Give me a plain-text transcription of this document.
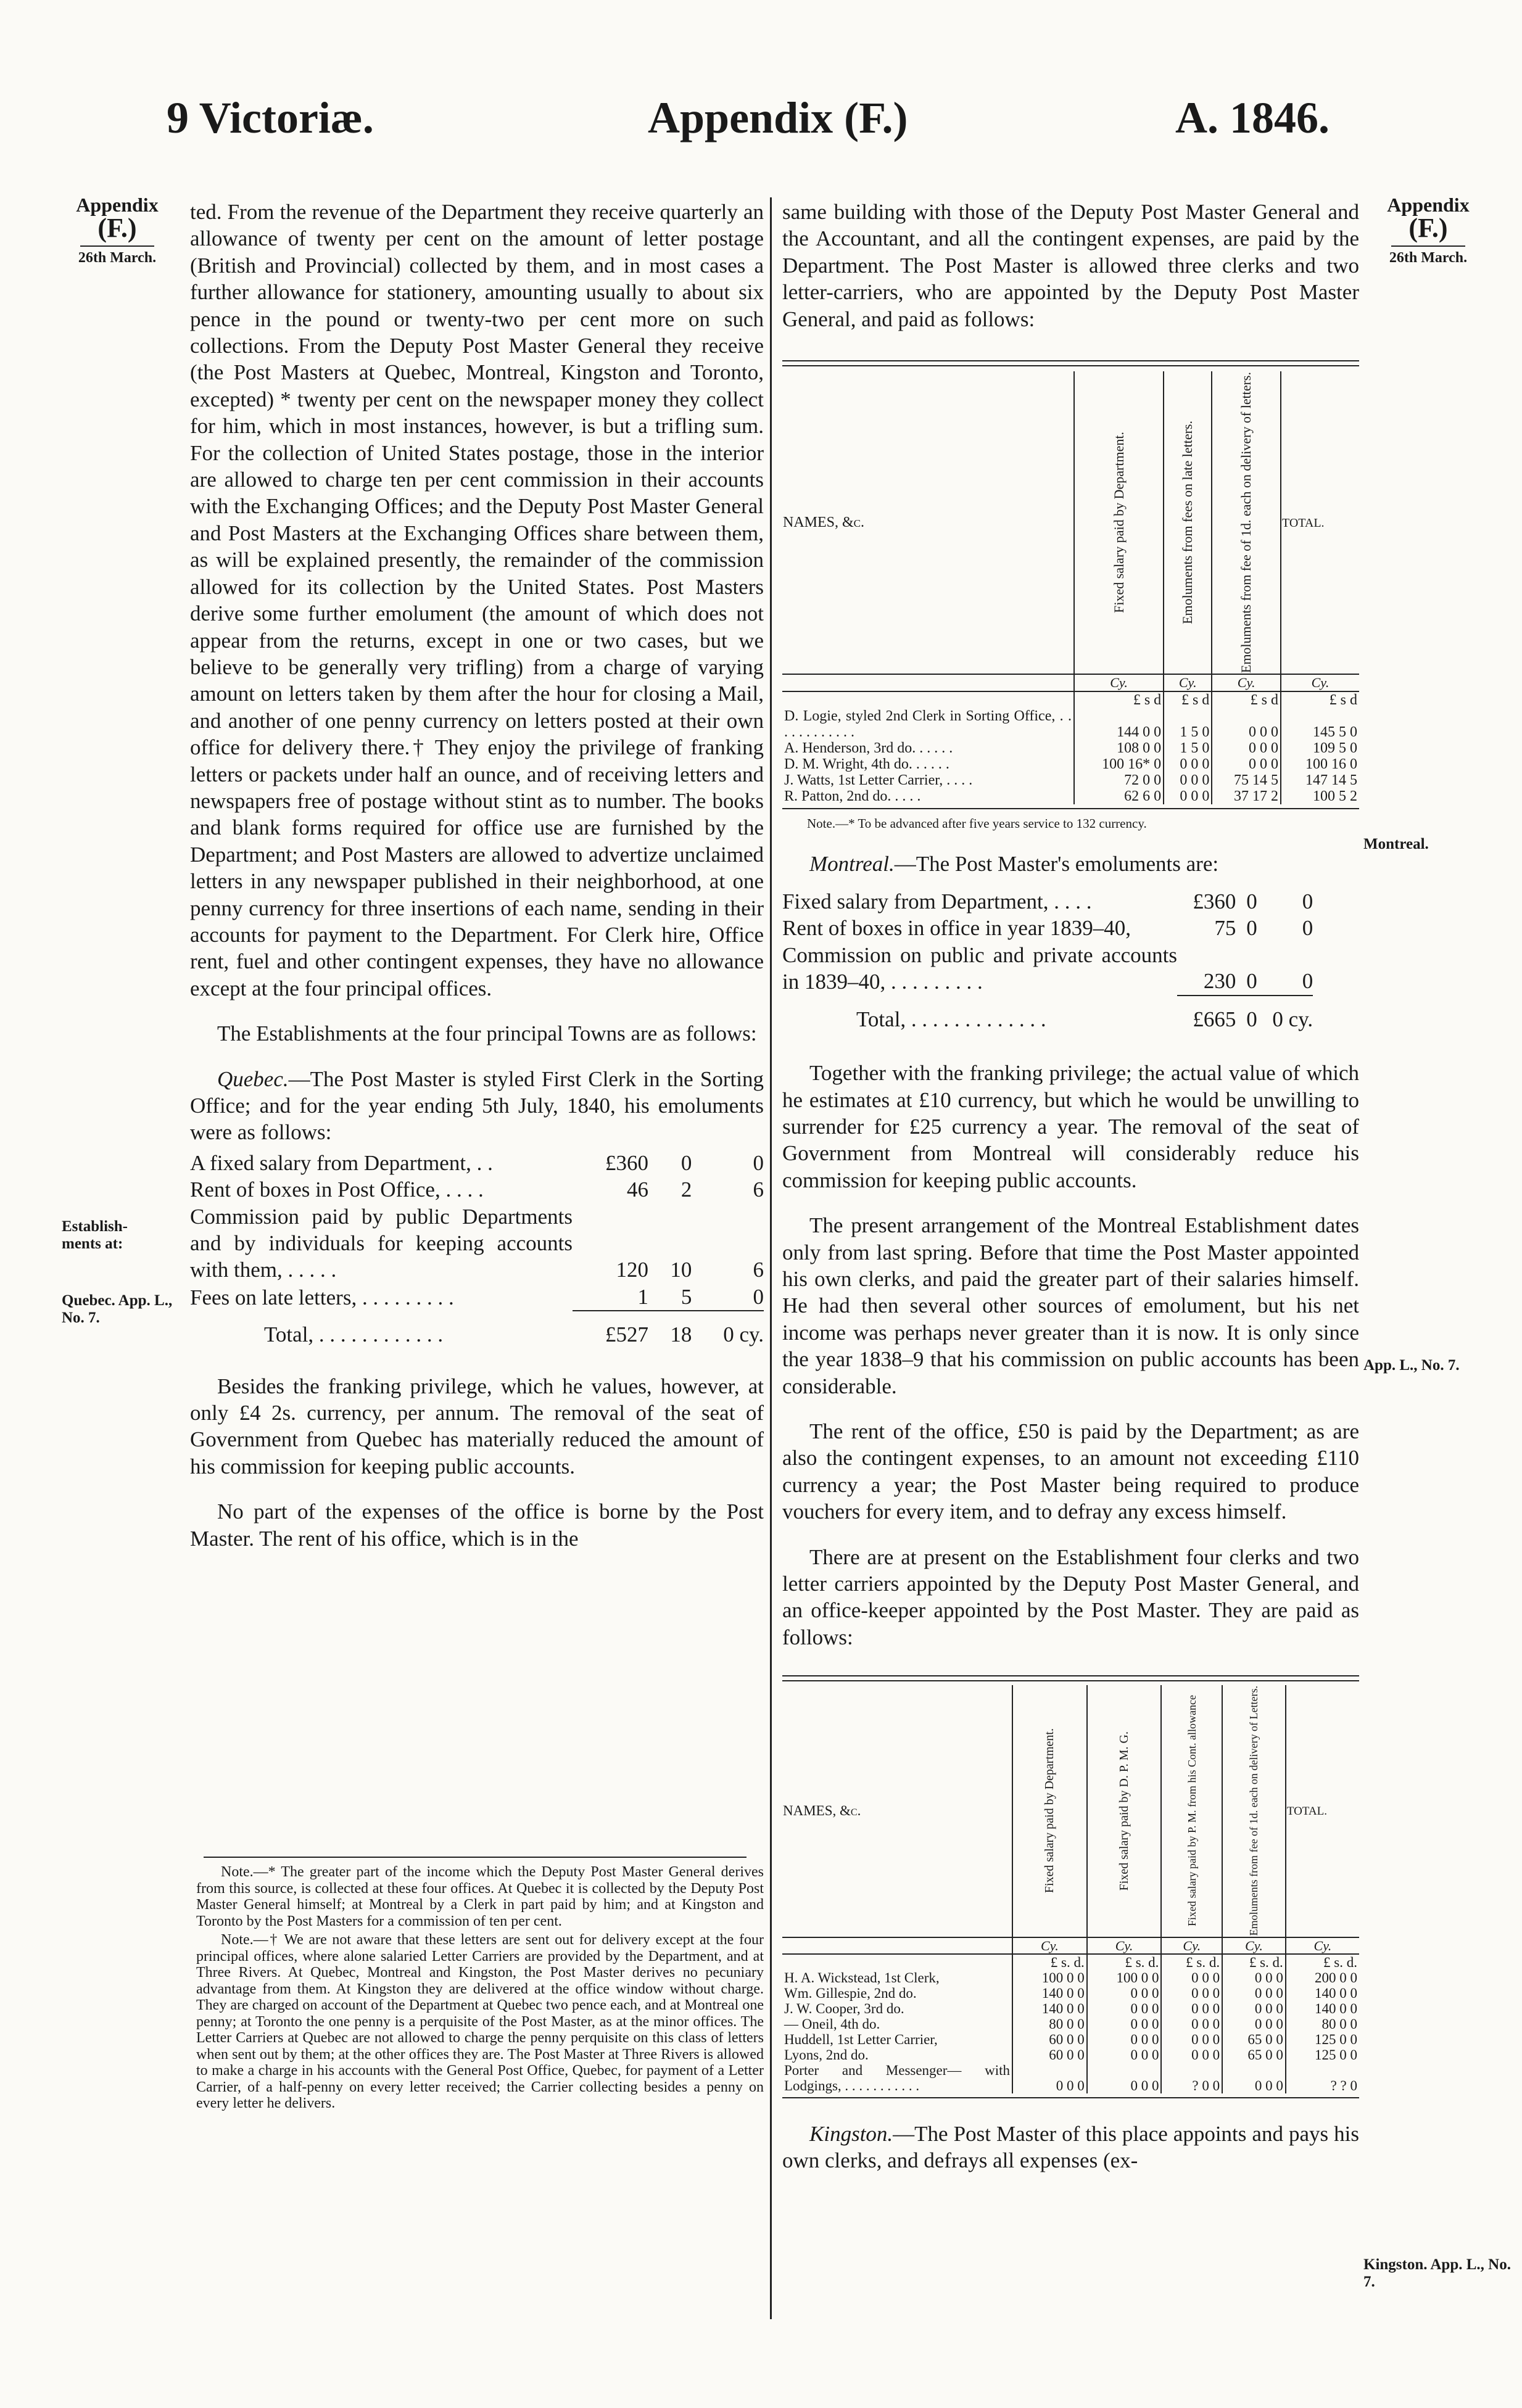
9 Victoriæ.	Appendix (F.)	A. 1846.
Appendix
(F.)
26th March.
Establish-ments at:
Quebec. App. L., No. 7.
Appendix
(F.)
26th March.
Montreal.
App. L., No. 7.
Kingston. App. L., No. 7.

ted. From the revenue of the Department they receive quarterly an allowance of twenty per cent on the amount of letter postage (British and Provincial) collected by them, and in most cases a further allowance for stationery, amounting usually to about six pence in the pound or twenty-two per cent more on such collections. From the Deputy Post Master General they receive (the Post Masters at Quebec, Montreal, Kingston and Toronto, excepted) * twenty per cent on the newspaper money they collect for him, which in most instances, however, is but a trifling sum. For the collection of United States postage, those in the interior are allowed to charge ten per cent commission in their accounts with the Exchanging Offices; and the Deputy Post Master General and Post Masters at the Exchanging Offices share between them, as will be explained presently, the remainder of the commission allowed for its collection by the United States. Post Masters derive some further emolument (the amount of which does not appear from the returns, except in one or two cases, but we believe to be generally very trifling) from a charge of varying amount on letters taken by them after the hour for closing a Mail, and another of one penny currency on letters posted at their own office for delivery there.† They enjoy the privilege of franking letters or packets under half an ounce, and of receiving letters and newspapers free of postage without stint as to number. The books and blank forms required for office use are furnished by the Department; and Post Masters are allowed to advertize unclaimed letters in any newspaper published in their neighborhood, at one penny currency for three insertions of each name, sending in their accounts for payment to the Department. For Clerk hire, Office rent, fuel and other contingent expenses, they have no allowance except at the four principal offices.

The Establishments at the four principal Towns are as follows:

Quebec.—The Post Master is styled First Clerk in the Sorting Office; and for the year ending 5th July, 1840, his emoluments were as follows:

A fixed salary from Department, . .	£360	0	0
Rent of boxes in Post Office, . . . .	46	2	6
Commission paid by public Departments and by individuals for keeping accounts with them, . . . . .	120	10	6
Fees on late letters, . . . . . . . . .	1	5	0
Total, . . . . . . . . . . . .	£527	18	0 cy.

Besides the franking privilege, which he values, however, at only £4 2s. currency, per annum. The removal of the seat of Government from Quebec has materially reduced the amount of his commission for keeping public accounts.

No part of the expenses of the office is borne by the Post Master. The rent of his office, which is in the

Note.—* The greater part of the income which the Deputy Post Master General derives from this source, is collected at these four offices. At Quebec it is collected by the Deputy Post Master General himself; at Montreal by a Clerk in part paid by him; and at Kingston and Toronto by the Post Masters for a commission of ten per cent.

Note.—† We are not aware that these letters are sent out for delivery except at the four principal offices, where alone salaried Letter Carriers are provided by the Department, and at Three Rivers. At Quebec, Montreal and Kingston, the Post Master derives no pecuniary advantage from them. At Kingston they are delivered at the office window without charge. They are charged on account of the Department at Quebec two pence each, and at Montreal one penny; at Toronto the one penny is a perquisite of the Post Master, as at the minor offices. The Letter Carriers at Quebec are not allowed to charge the penny perquisite on this class of letters when sent out by them; at the other offices they are. The Post Master at Three Rivers is allowed to make a charge in his accounts with the General Post Office, Quebec, for payment of a Letter Carrier, of a half-penny on every letter received; the Carrier collecting besides a penny on every letter he delivers.

same building with those of the Deputy Post Master General and the Accountant, and all the contingent expenses, are paid by the Department. The Post Master is allowed three clerks and two letter-carriers, who are appointed by the Deputy Post Master General, and paid as follows:

NAMES, &c.	Fixed salary paid by Department.	Emoluments from fees on late letters.	Emoluments from fee of 1d. each on delivery of letters.	TOTAL.
	Cy.	Cy.	Cy.	Cy.
	£ s d	£ s d	£ s d	£ s d
D. Logie, styled 2nd Clerk in Sorting Office, . . . . . . . . . . . .	144 0 0	1 5 0	0 0 0	145 5 0
A. Henderson, 3rd do. . . . . .	108 0 0	1 5 0	0 0 0	109 5 0
D. M. Wright, 4th do. . . . . .	100 16* 0	0 0 0	0 0 0	100 16 0
J. Watts, 1st Letter Carrier, . . . .	72 0 0	0 0 0	75 14 5	147 14 5
R. Patton, 2nd do. . . . .	62 6 0	0 0 0	37 17 2	100 5 2
Note.—* To be advanced after five years service to 132 currency.

Montreal.—The Post Master's emoluments are:

Fixed salary from Department, . . . .	£360	0	0
Rent of boxes in office in year 1839–40,	75	0	0
Commission on public and private accounts in 1839–40, . . . . . . . . .	230	0	0
Total, . . . . . . . . . . . . .	£665	0	0 cy.

Together with the franking privilege; the actual value of which he estimates at £10 currency, but which he would be unwilling to surrender for £25 currency a year. The removal of the seat of Government from Montreal will considerably reduce his commission for keeping public accounts.

The present arrangement of the Montreal Establishment dates only from last spring. Before that time the Post Master appointed his own clerks, and paid the greater part of their salaries himself. He had then several other sources of emolument, but his net income was perhaps never greater than it is now. It is only since the year 1838–9 that his commission on public accounts has been considerable.

The rent of the office, £50 is paid by the Department; as are also the contingent expenses, to an amount not exceeding £110 currency a year; the Post Master being required to produce vouchers for every item, and to defray any excess himself.

There are at present on the Establishment four clerks and two letter carriers appointed by the Deputy Post Master General, and an office-keeper appointed by the Post Master. They are paid as follows:

NAMES, &c.	Fixed salary paid by Department.	Fixed salary paid by D. P. M. G.	Fixed salary paid by P. M. from his Cont. allowance	Emoluments from fee of 1d. each on delivery of Letters.	TOTAL.
	Cy.	Cy.	Cy.	Cy.	Cy.
	£ s. d.	£ s. d.	£ s. d.	£ s. d.	£ s. d.
H. A. Wickstead, 1st Clerk,	100 0 0	100 0 0	0 0 0	0 0 0	200 0 0
Wm. Gillespie, 2nd do.	140 0 0	0 0 0	0 0 0	0 0 0	140 0 0
J. W. Cooper, 3rd do.	140 0 0	0 0 0	0 0 0	0 0 0	140 0 0
— Oneil, 4th do.	80 0 0	0 0 0	0 0 0	0 0 0	80 0 0
Huddell, 1st Letter Carrier,	60 0 0	0 0 0	0 0 0	65 0 0	125 0 0
Lyons, 2nd do.	60 0 0	0 0 0	0 0 0	65 0 0	125 0 0
Porter and Messenger— with Lodgings, . . . . . . . . . . .	0 0 0	0 0 0	? 0 0	0 0 0	? ? 0

Kingston.—The Post Master of this place appoints and pays his own clerks, and defrays all expenses (ex-
